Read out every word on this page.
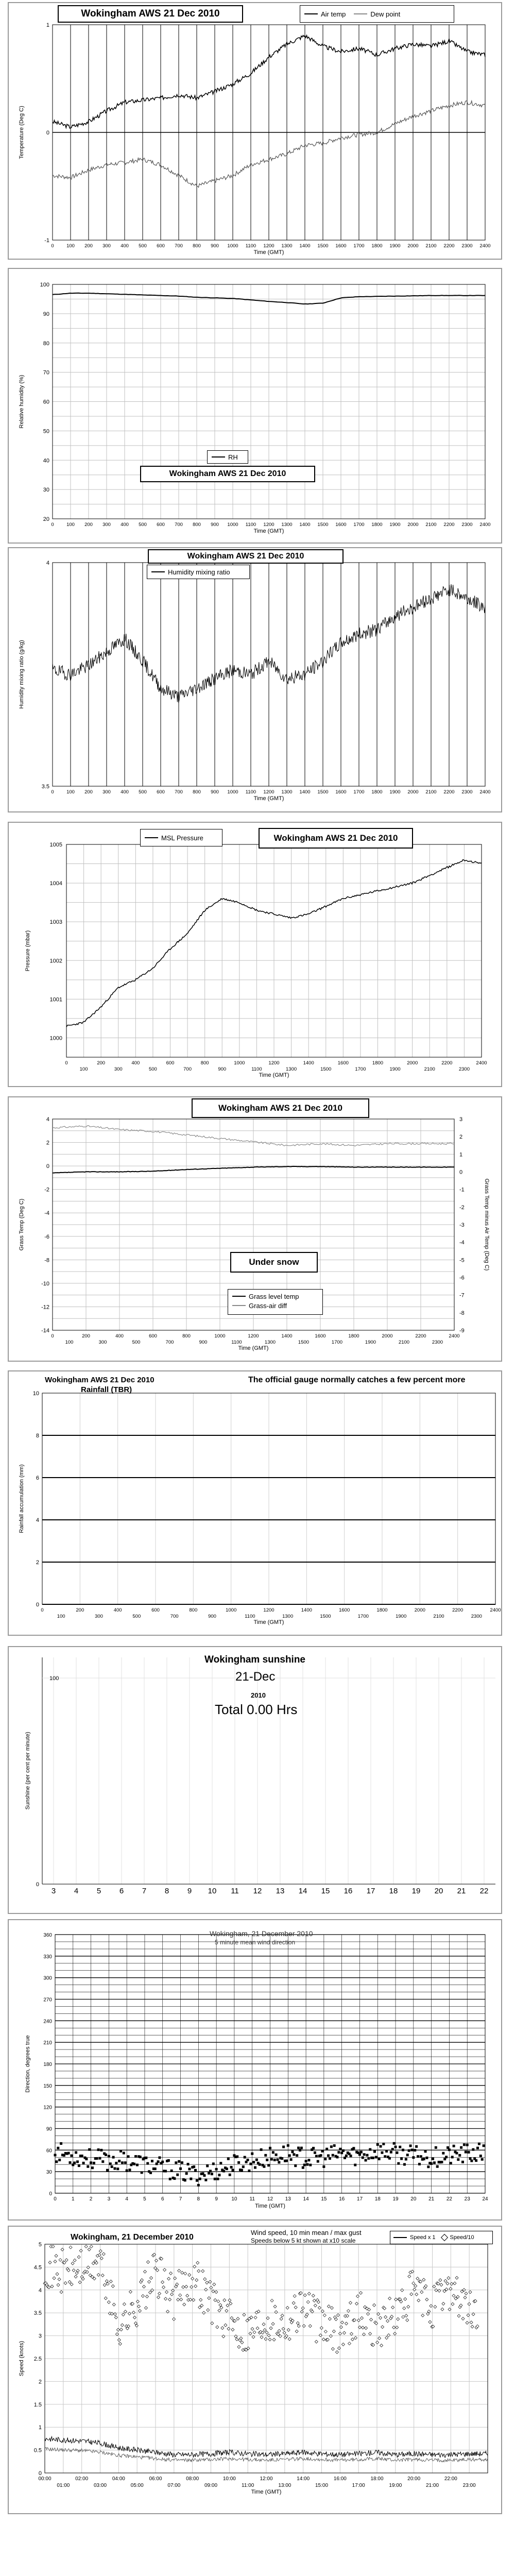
1
0
-1
0	100 200 300 400 500 600 700 800 900 1000 1100 1200 1300 1400 1500 1600 1700 1800 1900 2000 2100 2200 2300 2400
Time (GMT)
Temperature (Deg C)
Wokingham AWS 21 Dec 2010	Air temp	Dew point
100
90
80
70
60
50
40
30
20
0	100 200 300 400 500 600 700 800 900 1000 1100 1200 1300 1400 1500 1600 1700 1800 1900 2000 2100 2200 2300 2400
Time (GMT)
Relative humidity (%)
RH
Wokingham AWS 21 Dec 2010
4
3.5
0	100 200 300 400 500 600 700 800 900 1000 1100 1200 1300 1400 1500 1600 1700 1800 1900 2000 2100 2200 2300 2400
Time (GMT)
Humidity mixing ratio (g/kg)
Wokingham AWS 21 Dec 2010
Humidity mixing ratio
1005
1004
1003
1002
1001
1000
0	200	400	600	800	1000	1200	1400	1600	1800	2000	2200	2400
100	300	500	700	900	1100	1300	1500	1700	1900	2100	2300
Time (GMT)
Pressure (mbar)
MSL Pressure	Wokingham AWS 21 Dec 2010
4
2
0
-2
-4
-6
-8
-10
-12
-14
3
2
1
0
-1
-2
-3
-4
-5
-6
-7
-8
-9
0	200	400	600	800	1000	1200	1400	1600	1800	2000	2200	2400
100	300	500	700	900	1100	1300	1500	1700	1900	2100	2300
Time (GMT)
Grass Temp (Deg C)	Grass Temp minus Air Temp (Deg C)
Wokingham AWS 21 Dec 2010
Under snow
Grass level temp
Grass-air diff
10
8
6
4
2
0
0	200	400	600	800	1000	1200	1400	1600	1800	2000	2200	2400
100	300	500	700	900	1100	1300	1500	1700	1900	2100	2300
Time (GMT)
Rainfall accumulation (mm)
Wokingham AWS 21 Dec 2010
Rainfall (TBR)
The official gauge normally catches a few percent more
100
0
3 4 5 6 7 8 9 10 11 12 13 14 15 16 17 18 19 20 21 22
Sunshine (per cent per minute)
Wokingham sunshine
21-Dec
2010
Total 0.00 Hrs
360
330
300
270
240
210
180
150
120
90
60
30
0
0	1	2	3	4	5	6	7	8	9	10 11 12 13 14 15 16 17 18 19 20 21 22 23 24
Time (GMT)
Direction, degrees true
Wokingham, 21 December 2010
5 minute mean wind direction
5
4.5
4
3.5
3
2.5
2
1.5
1
0.5
0
00:00	02:00	04:00	06:00	08:00	10:00	12:00	14:00	16:00	18:00	20:00	22:00
01:00	03:00	05:00	07:00	09:00	11:00	13:00	15:00	17:00	19:00	21:00	23:00
Time (GMT)
Speed (knots)
Wokingham, 21 December 2010
Wind speed, 10 min mean / max gust
Speeds below 5 kt shown at x10 scale	Speed x 1	Speed/10
